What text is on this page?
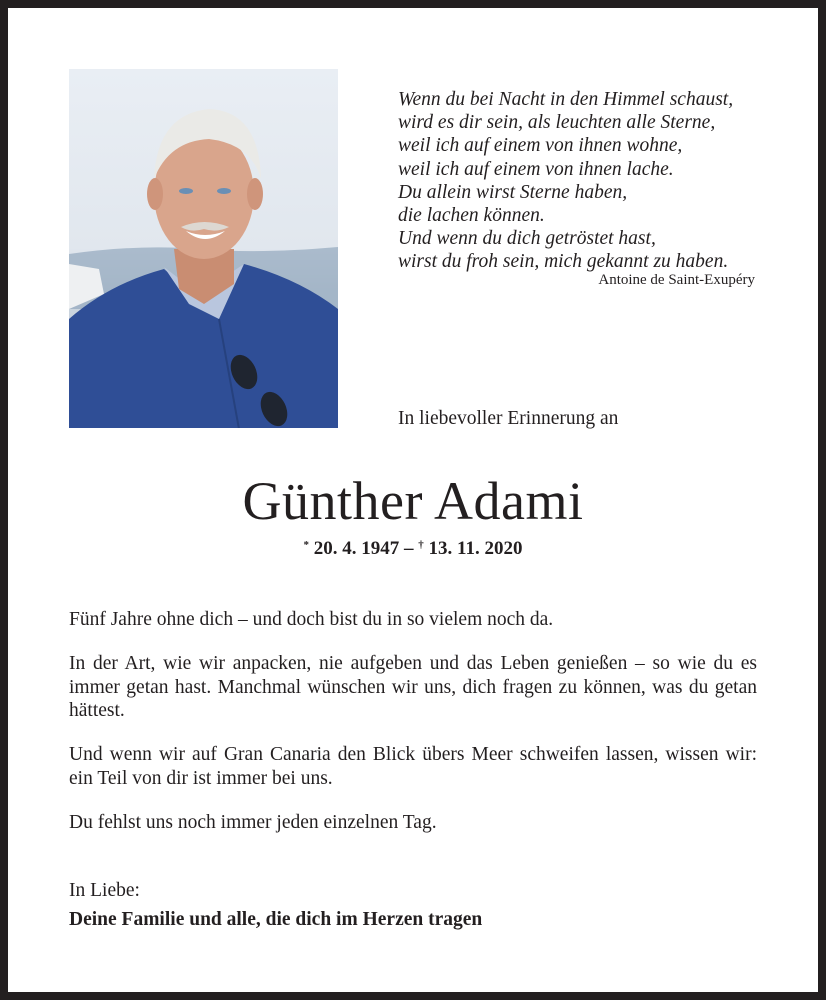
Wenn du bei Nacht in den Himmel schaust,
wird es dir sein, als leuchten alle Sterne,
weil ich auf einem von ihnen wohne,
weil ich auf einem von ihnen lache.
Du allein wirst Sterne haben,
die lachen können.
Und wenn du dich getröstet hast,
wirst du froh sein, mich gekannt zu haben.
Antoine de Saint-Exupéry
In liebevoller Erinnerung an
Günther Adami
* 20. 4. 1947 – † 13. 11. 2020

Fünf Jahre ohne dich – und doch bist du in so vielem noch da.

In der Art, wie wir anpacken, nie aufgeben und das Leben genießen – so wie du es immer getan hast. Manchmal wünschen wir uns, dich fragen zu können, was du getan hättest.

Und wenn wir auf Gran Canaria den Blick übers Meer schweifen lassen, wissen wir: ein Teil von dir ist immer bei uns.

Du fehlst uns noch immer jeden einzelnen Tag.

In Liebe:
Deine Familie und alle, die dich im Herzen tragen
